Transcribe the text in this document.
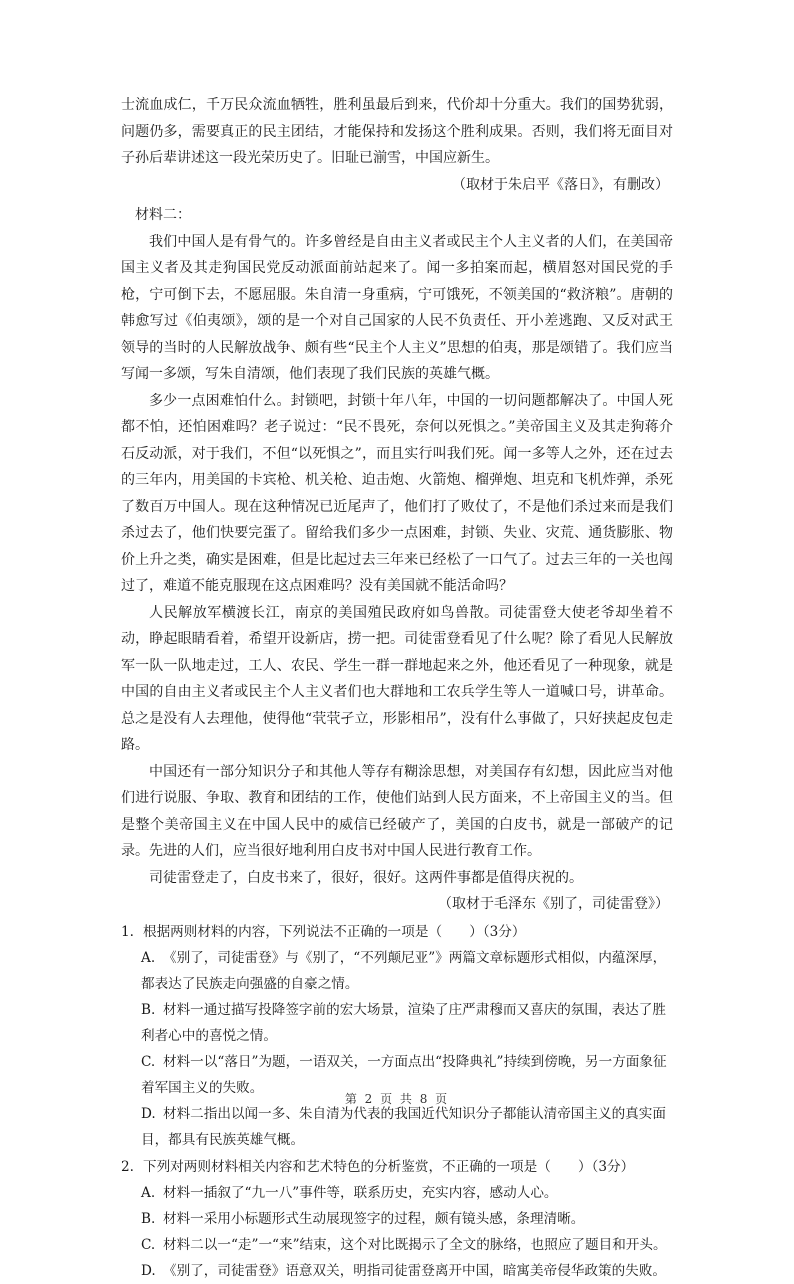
士流血成仁，千万民众流血牺牲，胜利虽最后到来，代价却十分重大。我们的国势犹弱，问题仍多，需要真正的民主团结，才能保持和发扬这个胜利成果。否则，我们将无面目对子孙后辈讲述这一段光荣历史了。旧耻已湔雪，中国应新生。

（取材于朱启平《落日》，有删改）

材料二：

我们中国人是有骨气的。许多曾经是自由主义者或民主个人主义者的人们，在美国帝国主义者及其走狗国民党反动派面前站起来了。闻一多拍案而起，横眉怒对国民党的手枪，宁可倒下去，不愿屈服。朱自清一身重病，宁可饿死，不领美国的“救济粮”。唐朝的韩愈写过《伯夷颂》，颂的是一个对自己国家的人民不负责任、开小差逃跑、又反对武王领导的当时的人民解放战争、颇有些“民主个人主义”思想的伯夷，那是颂错了。我们应当写闻一多颂，写朱自清颂，他们表现了我们民族的英雄气概。

多少一点困难怕什么。封锁吧，封锁十年八年，中国的一切问题都解决了。中国人死都不怕，还怕困难吗？老子说过：“民不畏死，奈何以死惧之。”美帝国主义及其走狗蒋介石反动派，对于我们，不但“以死惧之”，而且实行叫我们死。闻一多等人之外，还在过去的三年内，用美国的卡宾枪、机关枪、迫击炮、火箭炮、榴弹炮、坦克和飞机炸弹，杀死了数百万中国人。现在这种情况已近尾声了，他们打了败仗了，不是他们杀过来而是我们杀过去了，他们快要完蛋了。留给我们多少一点困难，封锁、失业、灾荒、通货膨胀、物价上升之类，确实是困难，但是比起过去三年来已经松了一口气了。过去三年的一关也闯过了，难道不能克服现在这点困难吗？没有美国就不能活命吗？

人民解放军横渡长江，南京的美国殖民政府如鸟兽散。司徒雷登大使老爷却坐着不动，睁起眼睛看着，希望开设新店，捞一把。司徒雷登看见了什么呢？除了看见人民解放军一队一队地走过，工人、农民、学生一群一群地起来之外，他还看见了一种现象，就是中国的自由主义者或民主个人主义者们也大群地和工农兵学生等人一道喊口号，讲革命。总之是没有人去理他，使得他“茕茕孑立，形影相吊”，没有什么事做了，只好挟起皮包走路。

中国还有一部分知识分子和其他人等存有糊涂思想，对美国存有幻想，因此应当对他们进行说服、争取、教育和团结的工作，使他们站到人民方面来，不上帝国主义的当。但是整个美帝国主义在中国人民中的威信已经破产了，美国的白皮书，就是一部破产的记录。先进的人们，应当很好地利用白皮书对中国人民进行教育工作。

司徒雷登走了，白皮书来了，很好，很好。这两件事都是值得庆祝的。

（取材于毛泽东《别了，司徒雷登》）

1. 根据两则材料的内容，下列说法不正确的一项是（　　）（3分）

A. 《别了，司徒雷登》与《别了，“不列颠尼亚”》两篇文章标题形式相似，内蕴深厚，都表达了民族走向强盛的自豪之情。

B. 材料一通过描写投降签字前的宏大场景，渲染了庄严肃穆而又喜庆的氛围，表达了胜利者心中的喜悦之情。

C. 材料一以“落日”为题，一语双关，一方面点出“投降典礼”持续到傍晚，另一方面象征着军国主义的失败。

D. 材料二指出以闻一多、朱自清为代表的我国近代知识分子都能认清帝国主义的真实面目，都具有民族英雄气概。

2. 下列对两则材料相关内容和艺术特色的分析鉴赏，不正确的一项是（　　）（3分）

A. 材料一插叙了“九一八”事件等，联系历史，充实内容，感动人心。

B. 材料一采用小标题形式生动展现签字的过程，颇有镜头感，条理清晰。

C. 材料二以一“走”一“来”结束，这个对比既揭示了全文的脉络，也照应了题目和开头。

D. 《别了，司徒雷登》语意双关，明指司徒雷登离开中国，暗寓美帝侵华政策的失败。

第 2 页 共 8 页
